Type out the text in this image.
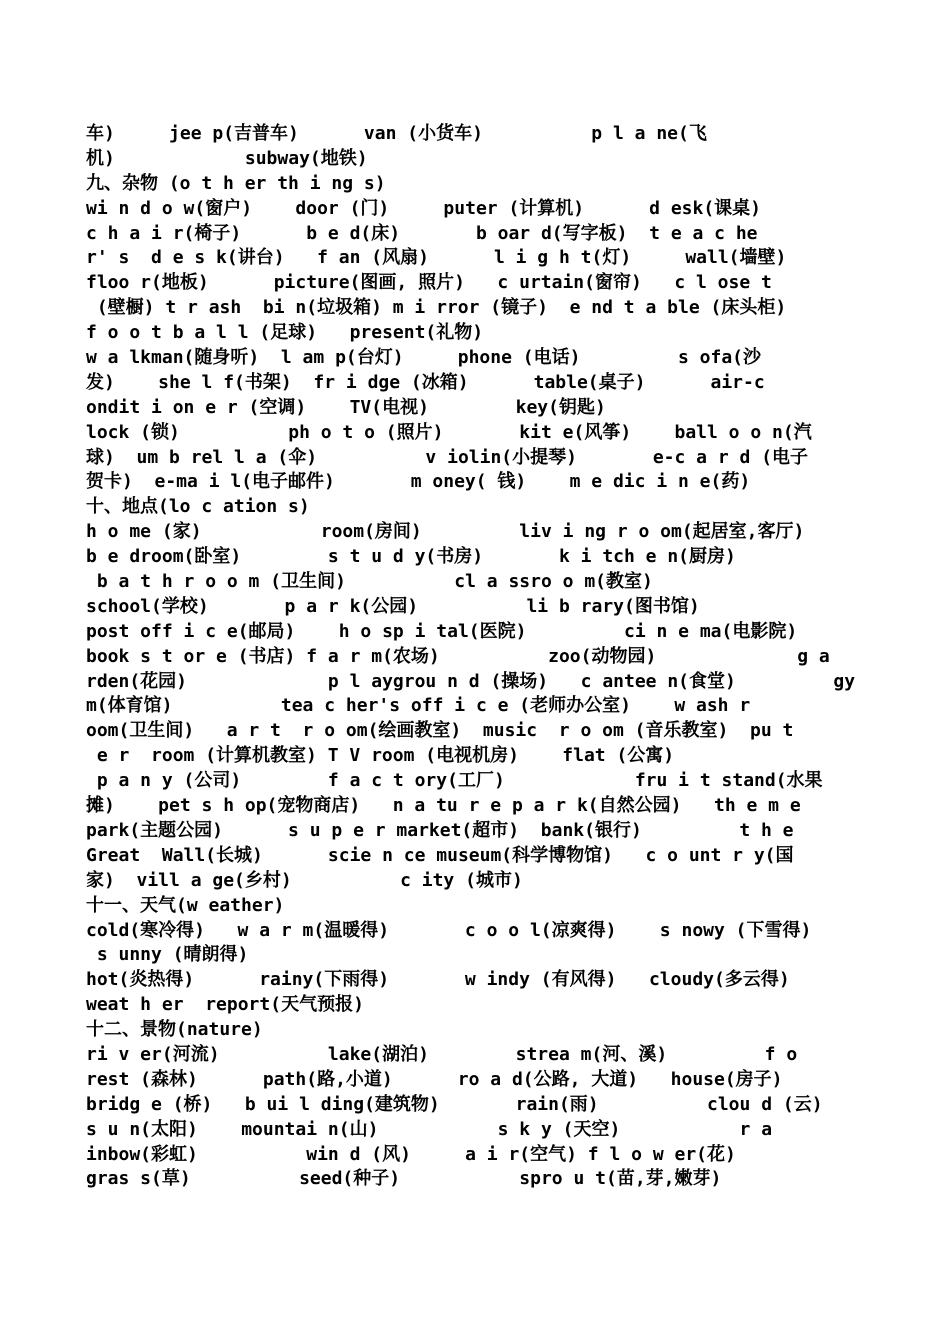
车)     jee p(吉普车)      van (小货车)          p l a ne(飞
机)            subway(地铁)
九、杂物 (o t h er th i ng s)
wi n d o w(窗户)    door (门)     puter (计算机)      d esk(课桌)
c h a i r(椅子)      b e d(床)       b oar d(写字板)  t e a c he
r' s  d e s k(讲台)   f an (风扇)      l i g h t(灯)     wall(墙壁)
floo r(地板)      picture(图画, 照片)   c urtain(窗帘)   c l ose t
(壁橱) t r ash  bi n(垃圾箱) m i rror (镜子)  e nd t a ble (床头柜)
f o o t b a l l (足球)   present(礼物)
w a lkman(随身听)  l am p(台灯)     phone (电话)         s ofa(沙
发)    she l f(书架)  fr i dge (冰箱)      table(桌子)      air-c
ondit i on e r (空调)    TV(电视)        key(钥匙)
lock (锁)          ph o t o (照片)       kit e(风筝)    ball o o n(汽
球)  um b rel l a (伞)          v iolin(小提琴)       e-c a r d (电子
贺卡)  e-ma i l(电子邮件)       m oney( 钱)    m e dic i n e(药)
十、地点(lo c ation s)
h o me (家)           room(房间)         liv i ng r o om(起居室,客厅)
b e droom(卧室)        s t u d y(书房)       k i tch e n(厨房)
b a t h r o o m (卫生间)          cl a ssro o m(教室)
school(学校)       p a r k(公园)          li b rary(图书馆)
post off i c e(邮局)    h o sp i tal(医院)         ci n e ma(电影院)
book s t or e (书店) f a r m(农场)          zoo(动物园)             g a
rden(花园)             p l aygrou n d (操场)   c antee n(食堂)         gy
m(体育馆)          tea c her's off i c e (老师办公室)    w ash r
oom(卫生间)   a r t  r o om(绘画教室)  music  r o om (音乐教室)  pu t
e r  room (计算机教室) T V room (电视机房)    flat (公寓)
p a n y (公司)        f a c t ory(工厂)            fru i t stand(水果
摊)    pet s h op(宠物商店)   n a tu r e p a r k(自然公园)   th e m e
park(主题公园)      s u p e r market(超市)  bank(银行)         t h e
Great  Wall(长城)      scie n ce museum(科学博物馆)   c o unt r y(国
家)  vill a ge(乡村)          c ity (城市)
十一、天气(w eather)
cold(寒冷得)   w a r m(温暖得)       c o o l(凉爽得)    s nowy (下雪得)
s unny (晴朗得)
hot(炎热得)      rainy(下雨得)       w indy (有风得)   cloudy(多云得)
weat h er  report(天气预报)
十二、景物(nature)
ri v er(河流)          lake(湖泊)        strea m(河、溪)         f o
rest (森林)      path(路,小道)      ro a d(公路, 大道)   house(房子)
bridg e (桥)   b ui l ding(建筑物)       rain(雨)          clou d (云)
s u n(太阳)    mountai n(山)           s k y (天空)           r a
inbow(彩虹)          win d (风)     a i r(空气) f l o w er(花)
gras s(草)          seed(种子)           spro u t(苗,芽,嫩芽)
